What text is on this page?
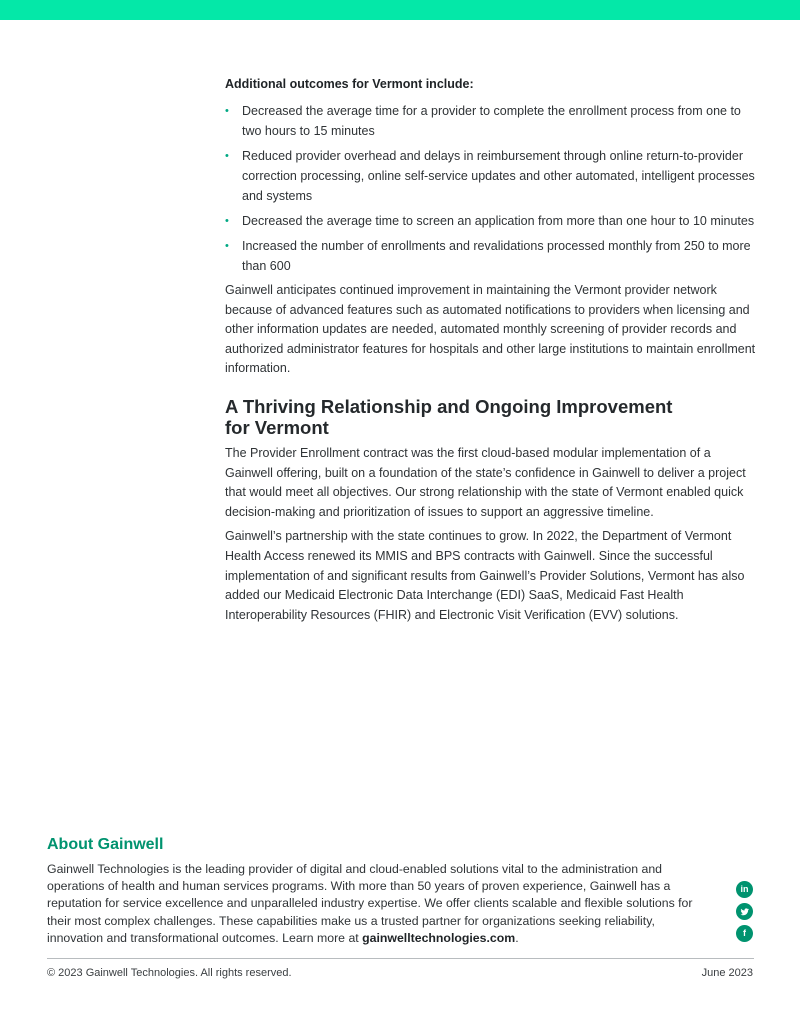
Additional outcomes for Vermont include:
• Decreased the average time for a provider to complete the enrollment process from one to two hours to 15 minutes
• Reduced provider overhead and delays in reimbursement through online return-to-provider correction processing, online self-service updates and other automated, intelligent processes and systems
• Decreased the average time to screen an application from more than one hour to 10 minutes
• Increased the number of enrollments and revalidations processed monthly from 250 to more than 600

Gainwell anticipates continued improvement in maintaining the Vermont provider network because of advanced features such as automated notifications to providers when licensing and other information updates are needed, automated monthly screening of provider records and authorized administrator features for hospitals and other large institutions to maintain enrollment information.

A Thriving Relationship and Ongoing Improvement for Vermont

The Provider Enrollment contract was the first cloud-based modular implementation of a Gainwell offering, built on a foundation of the state’s confidence in Gainwell to deliver a project that would meet all objectives. Our strong relationship with the state of Vermont enabled quick decision-making and prioritization of issues to support an aggressive timeline.

Gainwell’s partnership with the state continues to grow. In 2022, the Department of Vermont Health Access renewed its MMIS and BPS contracts with Gainwell. Since the successful implementation of and significant results from Gainwell’s Provider Solutions, Vermont has also added our Medicaid Electronic Data Interchange (EDI) SaaS, Medicaid Fast Health Interoperability Resources (FHIR) and Electronic Visit Verification (EVV) solutions.

About Gainwell

Gainwell Technologies is the leading provider of digital and cloud-enabled solutions vital to the administration and operations of health and human services programs. With more than 50 years of proven experience, Gainwell has a reputation for service excellence and unparalleled industry expertise. We offer clients scalable and flexible solutions for their most complex challenges. These capabilities make us a trusted partner for organizations seeking reliability, innovation and transformational outcomes. Learn more at gainwelltechnologies.com.

in
f
© 2023 Gainwell Technologies. All rights reserved.	June 2023
